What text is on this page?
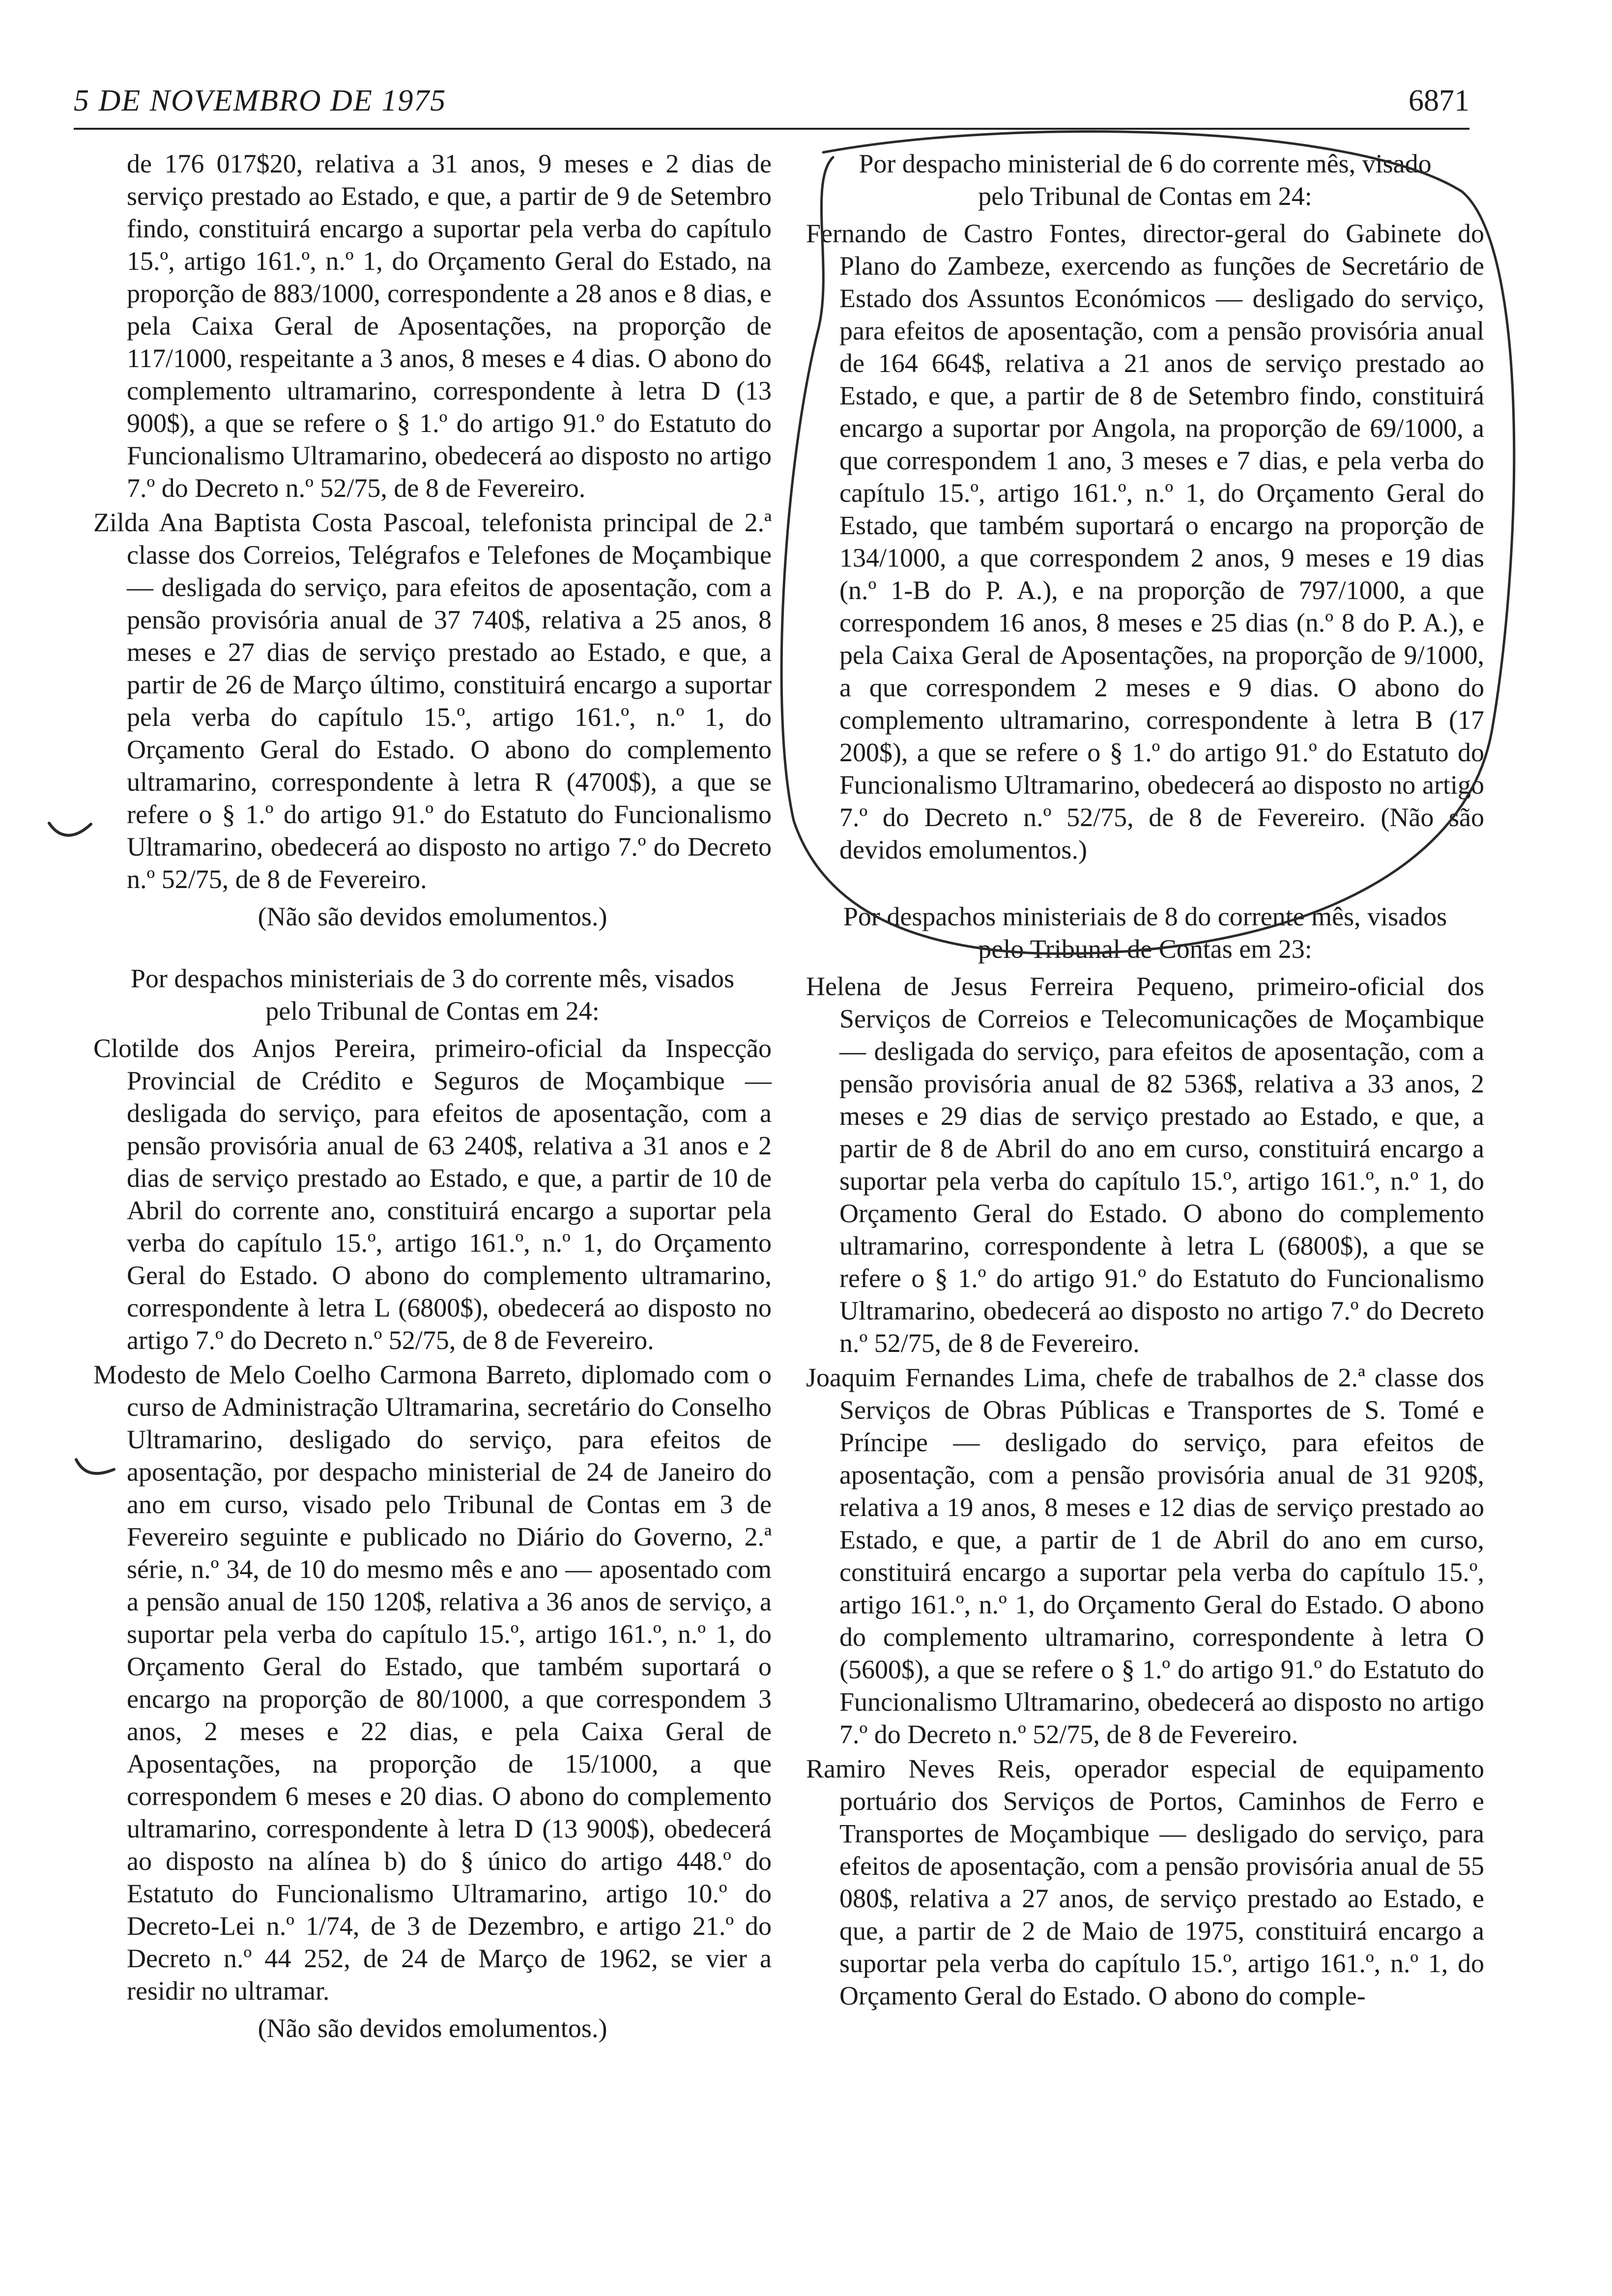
5 DE NOVEMBRO DE 1975	6871

de 176 017$20, relativa a 31 anos, 9 meses e 2 dias de serviço prestado ao Estado, e que, a partir de 9 de Setembro findo, constituirá encargo a suportar pela verba do capítulo 15.º, artigo 161.º, n.º 1, do Orçamento Geral do Estado, na proporção de 883/1000, correspondente a 28 anos e 8 dias, e pela Caixa Geral de Aposentações, na proporção de 117/1000, respeitante a 3 anos, 8 meses e 4 dias. O abono do complemento ultramarino, correspondente à letra D (13 900$), a que se refere o § 1.º do artigo 91.º do Estatuto do Funcionalismo Ultramarino, obedecerá ao disposto no artigo 7.º do Decreto n.º 52/75, de 8 de Fevereiro.

Zilda Ana Baptista Costa Pascoal, telefonista principal de 2.ª classe dos Correios, Telégrafos e Telefones de Moçambique — desligada do serviço, para efeitos de aposentação, com a pensão provisória anual de 37 740$, relativa a 25 anos, 8 meses e 27 dias de serviço prestado ao Estado, e que, a partir de 26 de Março último, constituirá encargo a suportar pela verba do capítulo 15.º, artigo 161.º, n.º 1, do Orçamento Geral do Estado. O abono do complemento ultramarino, correspondente à letra R (4700$), a que se refere o § 1.º do artigo 91.º do Estatuto do Funcionalismo Ultramarino, obedecerá ao disposto no artigo 7.º do Decreto n.º 52/75, de 8 de Fevereiro.

(Não são devidos emolumentos.)

Por despachos ministeriais de 3 do corrente mês, visados pelo Tribunal de Contas em 24:

Clotilde dos Anjos Pereira, primeiro-oficial da Inspecção Provincial de Crédito e Seguros de Moçambique — desligada do serviço, para efeitos de aposentação, com a pensão provisória anual de 63 240$, relativa a 31 anos e 2 dias de serviço prestado ao Estado, e que, a partir de 10 de Abril do corrente ano, constituirá encargo a suportar pela verba do capítulo 15.º, artigo 161.º, n.º 1, do Orçamento Geral do Estado. O abono do complemento ultramarino, correspondente à letra L (6800$), obedecerá ao disposto no artigo 7.º do Decreto n.º 52/75, de 8 de Fevereiro.

Modesto de Melo Coelho Carmona Barreto, diplomado com o curso de Administração Ultramarina, secretário do Conselho Ultramarino, desligado do serviço, para efeitos de aposentação, por despacho ministerial de 24 de Janeiro do ano em curso, visado pelo Tribunal de Contas em 3 de Fevereiro seguinte e publicado no Diário do Governo, 2.ª série, n.º 34, de 10 do mesmo mês e ano — aposentado com a pensão anual de 150 120$, relativa a 36 anos de serviço, a suportar pela verba do capítulo 15.º, artigo 161.º, n.º 1, do Orçamento Geral do Estado, que também suportará o encargo na proporção de 80/1000, a que correspondem 3 anos, 2 meses e 22 dias, e pela Caixa Geral de Aposentações, na proporção de 15/1000, a que correspondem 6 meses e 20 dias. O abono do complemento ultramarino, correspondente à letra D (13 900$), obedecerá ao disposto na alínea b) do § único do artigo 448.º do Estatuto do Funcionalismo Ultramarino, artigo 10.º do Decreto-Lei n.º 1/74, de 3 de Dezembro, e artigo 21.º do Decreto n.º 44 252, de 24 de Março de 1962, se vier a residir no ultramar.

(Não são devidos emolumentos.)

Por despacho ministerial de 6 do corrente mês, visado pelo Tribunal de Contas em 24:

Fernando de Castro Fontes, director-geral do Gabinete do Plano do Zambeze, exercendo as funções de Secretário de Estado dos Assuntos Económicos — desligado do serviço, para efeitos de aposentação, com a pensão provisória anual de 164 664$, relativa a 21 anos de serviço prestado ao Estado, e que, a partir de 8 de Setembro findo, constituirá encargo a suportar por Angola, na proporção de 69/1000, a que correspondem 1 ano, 3 meses e 7 dias, e pela verba do capítulo 15.º, artigo 161.º, n.º 1, do Orçamento Geral do Estado, que também suportará o encargo na proporção de 134/1000, a que correspondem 2 anos, 9 meses e 19 dias (n.º 1-B do P. A.), e na proporção de 797/1000, a que correspondem 16 anos, 8 meses e 25 dias (n.º 8 do P. A.), e pela Caixa Geral de Aposentações, na proporção de 9/1000, a que correspondem 2 meses e 9 dias. O abono do complemento ultramarino, correspondente à letra B (17 200$), a que se refere o § 1.º do artigo 91.º do Estatuto do Funcionalismo Ultramarino, obedecerá ao disposto no artigo 7.º do Decreto n.º 52/75, de 8 de Fevereiro. (Não são devidos emolumentos.)

Por despachos ministeriais de 8 do corrente mês, visados pelo Tribunal de Contas em 23:

Helena de Jesus Ferreira Pequeno, primeiro-oficial dos Serviços de Correios e Telecomunicações de Moçambique — desligada do serviço, para efeitos de aposentação, com a pensão provisória anual de 82 536$, relativa a 33 anos, 2 meses e 29 dias de serviço prestado ao Estado, e que, a partir de 8 de Abril do ano em curso, constituirá encargo a suportar pela verba do capítulo 15.º, artigo 161.º, n.º 1, do Orçamento Geral do Estado. O abono do complemento ultramarino, correspondente à letra L (6800$), a que se refere o § 1.º do artigo 91.º do Estatuto do Funcionalismo Ultramarino, obedecerá ao disposto no artigo 7.º do Decreto n.º 52/75, de 8 de Fevereiro.

Joaquim Fernandes Lima, chefe de trabalhos de 2.ª classe dos Serviços de Obras Públicas e Transportes de S. Tomé e Príncipe — desligado do serviço, para efeitos de aposentação, com a pensão provisória anual de 31 920$, relativa a 19 anos, 8 meses e 12 dias de serviço prestado ao Estado, e que, a partir de 1 de Abril do ano em curso, constituirá encargo a suportar pela verba do capítulo 15.º, artigo 161.º, n.º 1, do Orçamento Geral do Estado. O abono do complemento ultramarino, correspondente à letra O (5600$), a que se refere o § 1.º do artigo 91.º do Estatuto do Funcionalismo Ultramarino, obedecerá ao disposto no artigo 7.º do Decreto n.º 52/75, de 8 de Fevereiro.

Ramiro Neves Reis, operador especial de equipamento portuário dos Serviços de Portos, Caminhos de Ferro e Transportes de Moçambique — desligado do serviço, para efeitos de aposentação, com a pensão provisória anual de 55 080$, relativa a 27 anos, de serviço prestado ao Estado, e que, a partir de 2 de Maio de 1975, constituirá encargo a suportar pela verba do capítulo 15.º, artigo 161.º, n.º 1, do Orçamento Geral do Estado. O abono do comple-
